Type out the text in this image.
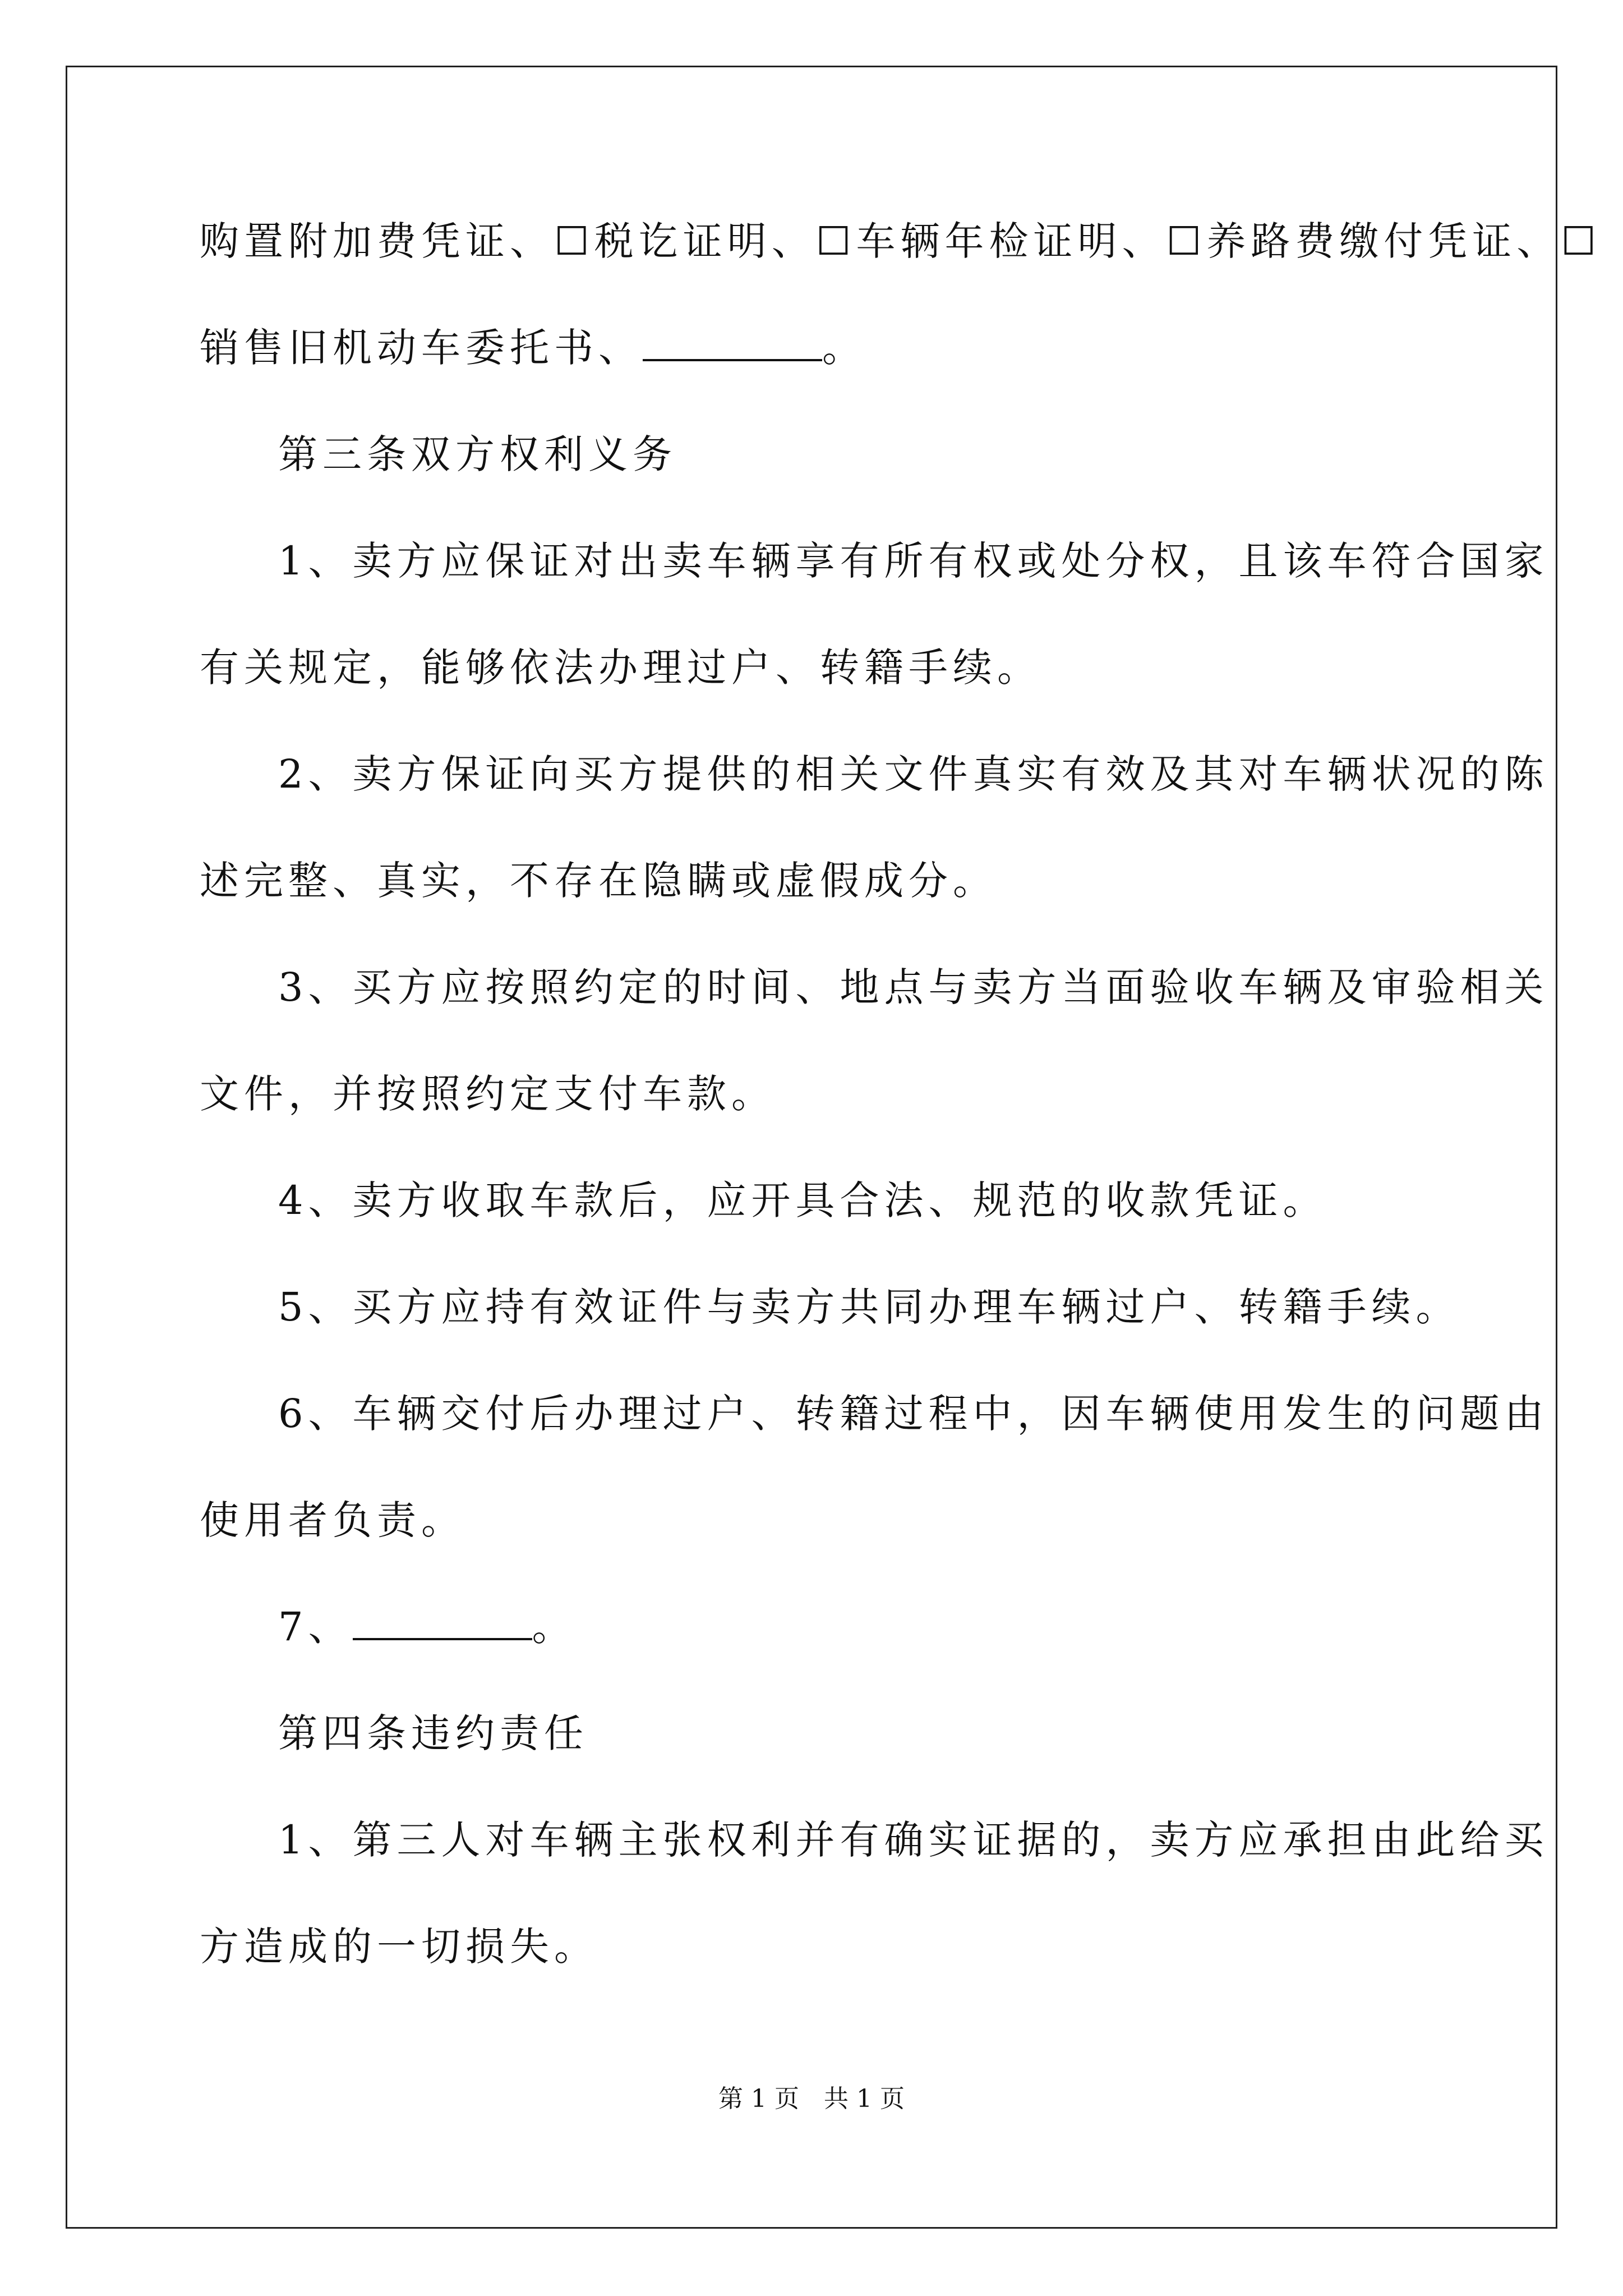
购置附加费凭证、☐税讫证明、☐车辆年检证明、☐养路费缴付凭证、☐
销售旧机动车委托书、	。
第三条双方权利义务
1、卖方应保证对出卖车辆享有所有权或处分权，且该车符合国家
有关规定，能够依法办理过户、转籍手续。
2、卖方保证向买方提供的相关文件真实有效及其对车辆状况的陈
述完整、真实，不存在隐瞒或虚假成分。
3、买方应按照约定的时间、地点与卖方当面验收车辆及审验相关
文件，并按照约定支付车款。
4、卖方收取车款后，应开具合法、规范的收款凭证。
5、买方应持有效证件与卖方共同办理车辆过户、转籍手续。
6、车辆交付后办理过户、转籍过程中，因车辆使用发生的问题由
使用者负责。
7、	。
第四条违约责任
1、第三人对车辆主张权利并有确实证据的，卖方应承担由此给买
方造成的一切损失。
第 1 页　共 1 页
